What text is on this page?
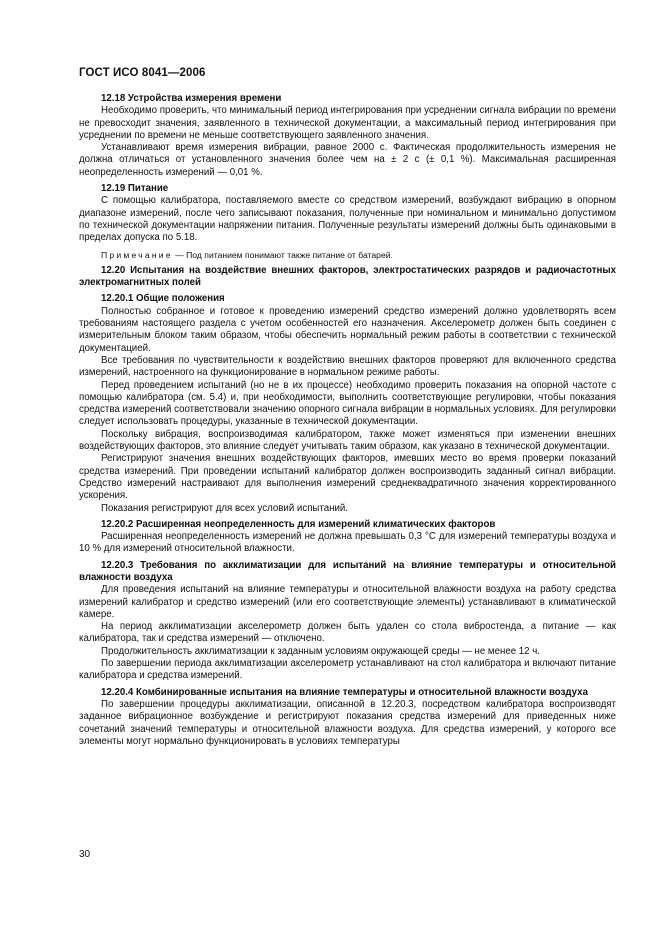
ГОСТ ИСО 8041—2006

12.18 Устройства измерения времени

Необходимо проверить, что минимальный период интегрирования при усреднении сигнала вибрации по времени не превосходит значения, заявленного в технической документации, а максимальный период интегрирования при усреднении по времени не меньше соответствующего заявленного значения.

Устанавливают время измерения вибрации, равное 2000 с. Фактическая продолжительность измерения не должна отличаться от установленного значения более чем на ± 2 с (± 0,1 %). Максимальная расширенная неопределенность измерений — 0,01 %.

12.19 Питание

С помощью калибратора, поставляемого вместе со средством измерений, возбуждают вибрацию в опорном диапазоне измерений, после чего записывают показания, полученные при номинальном и минимально допустимом по технической документации напряжении питания. Полученные результаты измерений должны быть одинаковыми в пределах допуска по 5.18.

Примечание — Под питанием понимают также питание от батарей.

12.20 Испытания на воздействие внешних факторов, электростатических разрядов и радиочастотных электромагнитных полей

12.20.1 Общие положения

Полностью собранное и готовое к проведению измерений средство измерений должно удовлетворять всем требованиям настоящего раздела с учетом особенностей его назначения. Акселерометр должен быть соединен с измерительным блоком таким образом, чтобы обеспечить нормальный режим работы в соответствии с технической документацией.

Все требования по чувствительности к воздействию внешних факторов проверяют для включенного средства измерений, настроенного на функционирование в нормальном режиме работы.

Перед проведением испытаний (но не в их процессе) необходимо проверить показания на опорной частоте с помощью калибратора (см. 5.4) и, при необходимости, выполнить соответствующие регулировки, чтобы показания средства измерений соответствовали значению опорного сигнала вибрации в нормальных условиях. Для регулировки следует использовать процедуры, указанные в технической документации.

Поскольку вибрация, воспроизводимая калибратором, также может изменяться при изменении внешних воздействующих факторов, это влияние следует учитывать таким образом, как указано в технической документации.

Регистрируют значения внешних воздействующих факторов, имевших место во время проверки показаний средства измерений. При проведении испытаний калибратор должен воспроизводить заданный сигнал вибрации. Средство измерений настраивают для выполнения измерений среднеквадратичного значения корректированного ускорения.

Показания регистрируют для всех условий испытаний.

12.20.2 Расширенная неопределенность для измерений климатических факторов

Расширенная неопределенность измерений не должна превышать 0,3 °С для измерений температуры воздуха и 10 % для измерений относительной влажности.

12.20.3 Требования по акклиматизации для испытаний на влияние температуры и относительной влажности воздуха

Для проведения испытаний на влияние температуры и относительной влажности воздуха на работу средства измерений калибратор и средство измерений (или его соответствующие элементы) устанавливают в климатической камере.

На период акклиматизации акселерометр должен быть удален со стола вибростенда, а питание — как калибратора, так и средства измерений — отключено.

Продолжительность акклиматизации к заданным условиям окружающей среды — не менее 12 ч.

По завершении периода акклиматизации акселерометр устанавливают на стол калибратора и включают питание калибратора и средства измерений.

12.20.4 Комбинированные испытания на влияние температуры и относительной влажности воздуха

По завершении процедуры акклиматизации, описанной в 12.20.3, посредством калибратора воспроизводят заданное вибрационное возбуждение и регистрируют показания средства измерений для приведенных ниже сочетаний значений температуры и относительной влажности воздуха. Для средства измерений, у которого все элементы могут нормально функционировать в условиях температуры

30
